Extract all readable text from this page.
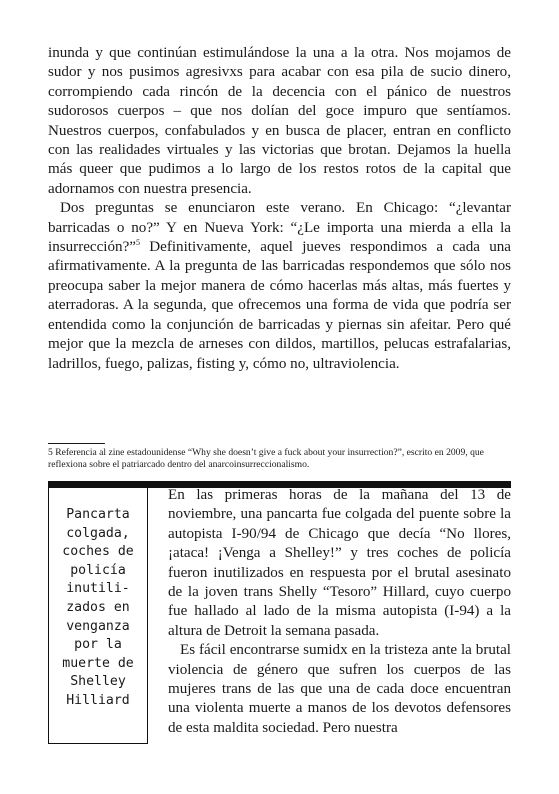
inunda y que continúan estimulándose la una a la otra. Nos mojamos de sudor y nos pusimos agresivxs para acabar con esa pila de sucio dinero, corrompiendo cada rincón de la decencia con el pánico de nuestros sudorosos cuerpos – que nos dolían del goce impuro que sentíamos. Nuestros cuerpos, confabulados y en busca de placer, entran en conflicto con las realidades virtuales y las victorias que brotan. Dejamos la huella más queer que pudimos a lo largo de los restos rotos de la capital que adornamos con nuestra presencia.

Dos preguntas se enunciaron este verano. En Chicago: “¿levantar barricadas o no?” Y en Nueva York: “¿Le importa una mierda a ella la insurrección?”$^5$ Definitivamente, aquel jueves respondimos a cada una afirmativamente. A la pregunta de las barricadas respondemos que sólo nos preocupa saber la mejor manera de cómo hacerlas más altas, más fuertes y aterradoras. A la segunda, que ofrecemos una forma de vida que podría ser entendida como la conjunción de barricadas y piernas sin afeitar. Pero qué mejor que la mezcla de arneses con dildos, martillos, pelucas estrafalarias, ladrillos, fuego, palizas, fisting y, cómo no, ultraviolencia.

5 Referencia al zine estadounidense “Why she doesn’t give a fuck about your insurrection?”, escrito en 2009, que reflexiona sobre el patriarcado dentro del anarcoinsurreccionalismo.
Pancarta
colgada,
coches de
policía
inutili-
zados en
venganza
por la
muerte de
Shelley
Hilliard

En las primeras horas de la mañana del 13 de noviembre, una pancarta fue colgada del puente sobre la autopista I-90/94 de Chicago que decía “No llores, ¡ataca! ¡Venga a Shelley!” y tres coches de policía fueron inutilizados en respuesta por el brutal asesinato de la joven trans Shelly “Tesoro” Hillard, cuyo cuerpo fue hallado al lado de la misma autopista (I-94) a la altura de Detroit la semana pasada.

Es fácil encontrarse sumidx en la tristeza ante la brutal violencia de género que sufren los cuerpos de las mujeres trans de las que una de cada doce encuentran una violenta muerte a manos de los devotos defensores de esta maldita sociedad. Pero nuestra
